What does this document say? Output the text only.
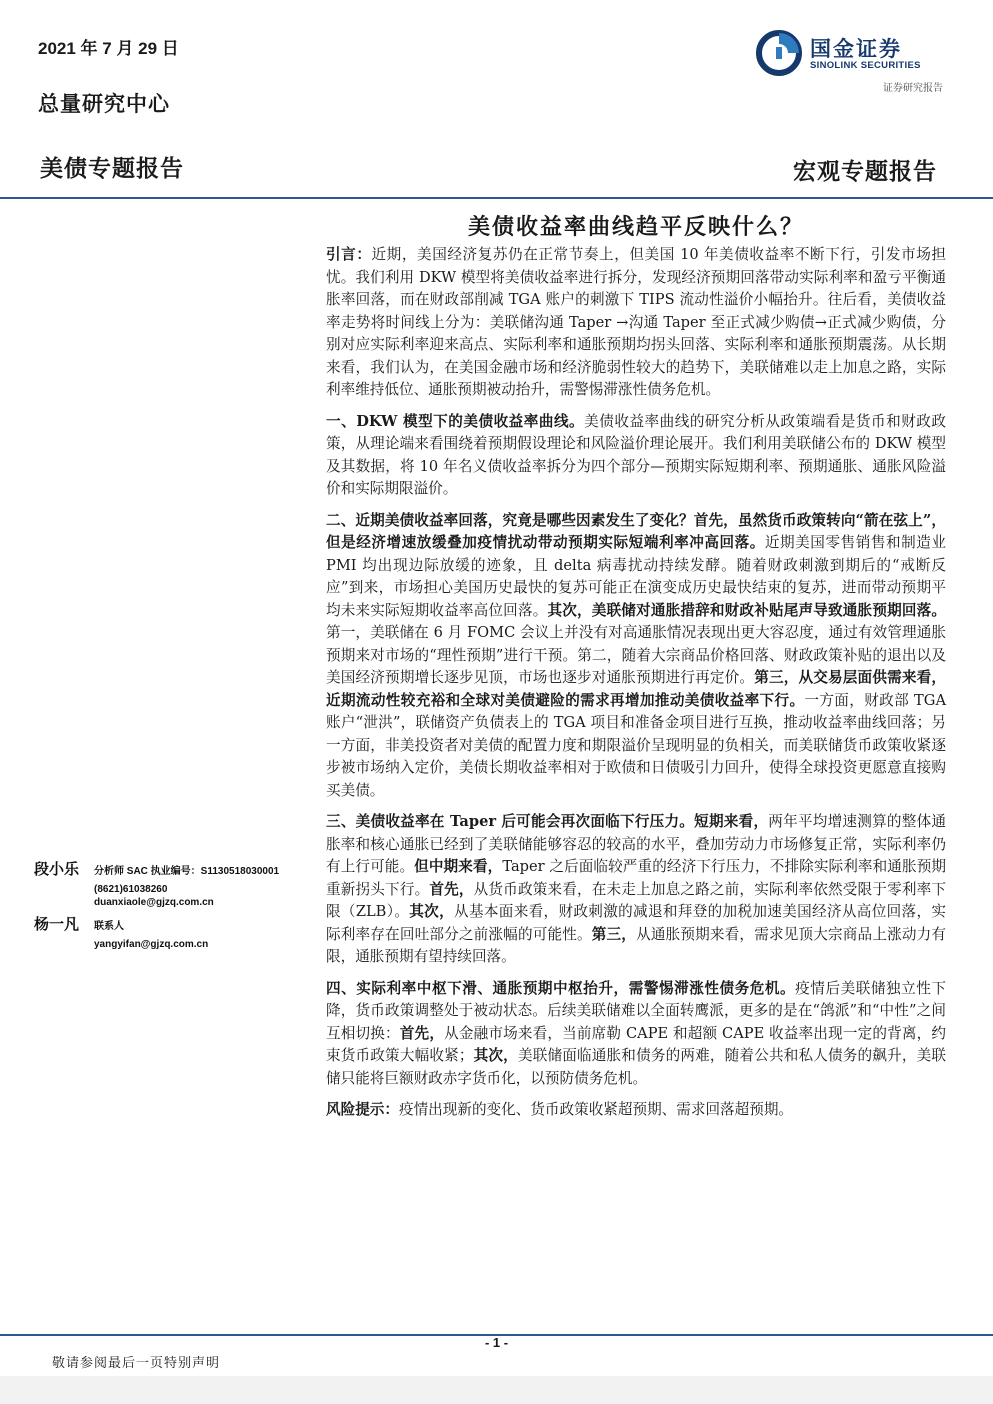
2021 年 7 月 29 日
总量研究中心
美债专题报告	宏观专题报告
国金证券
SINOLINK SECURITIES
证券研究报告
美债收益率曲线趋平反映什么？

引言：近期，美国经济复苏仍在正常节奏上，但美国 10 年美债收益率不断下行，引发市场担忧。我们利用 DKW 模型将美债收益率进行拆分，发现经济预期回落带动实际利率和盈亏平衡通胀率回落，而在财政部削减 TGA 账户的刺激下 TIPS 流动性溢价小幅抬升。往后看，美债收益率走势将时间线上分为：美联储沟通 Taper →沟通 Taper 至正式减少购债→正式减少购债，分别对应实际利率迎来高点、实际利率和通胀预期均拐头回落、实际利率和通胀预期震荡。从长期来看，我们认为，在美国金融市场和经济脆弱性较大的趋势下，美联储难以走上加息之路，实际利率维持低位、通胀预期被动抬升，需警惕滞涨性债务危机。

一、DKW 模型下的美债收益率曲线。美债收益率曲线的研究分析从政策端看是货币和财政政策，从理论端来看围绕着预期假设理论和风险溢价理论展开。我们利用美联储公布的 DKW 模型及其数据，将 10 年名义债收益率拆分为四个部分—预期实际短期利率、预期通胀、通胀风险溢价和实际期限溢价。

二、近期美债收益率回落，究竟是哪些因素发生了变化？首先，虽然货币政策转向“箭在弦上”，但是经济增速放缓叠加疫情扰动带动预期实际短端利率冲高回落。近期美国零售销售和制造业 PMI 均出现边际放缓的迹象，且 delta 病毒扰动持续发酵。随着财政刺激到期后的“戒断反应”到来，市场担心美国历史最快的复苏可能正在演变成历史最快结束的复苏，进而带动预期平均未来实际短期收益率高位回落。其次，美联储对通胀措辞和财政补贴尾声导致通胀预期回落。第一，美联储在 6 月 FOMC 会议上并没有对高通胀情况表现出更大容忍度，通过有效管理通胀预期来对市场的“理性预期”进行干预。第二，随着大宗商品价格回落、财政政策补贴的退出以及美国经济预期增长逐步见顶，市场也逐步对通胀预期进行再定价。第三，从交易层面供需来看，近期流动性较充裕和全球对美债避险的需求再增加推动美债收益率下行。一方面，财政部 TGA 账户“泄洪”，联储资产负债表上的 TGA 项目和准备金项目进行互换，推动收益率曲线回落；另一方面，非美投资者对美债的配置力度和期限溢价呈现明显的负相关，而美联储货币政策收紧逐步被市场纳入定价，美债长期收益率相对于欧债和日债吸引力回升，使得全球投资更愿意直接购买美债。

三、美债收益率在 Taper 后可能会再次面临下行压力。短期来看，两年平均增速测算的整体通胀率和核心通胀已经到了美联储能够容忍的较高的水平，叠加劳动力市场修复正常，实际利率仍有上行可能。但中期来看，Taper 之后面临较严重的经济下行压力，不排除实际利率和通胀预期重新拐头下行。首先，从货币政策来看，在未走上加息之路之前，实际利率依然受限于零利率下限（ZLB）。其次，从基本面来看，财政刺激的减退和拜登的加税加速美国经济从高位回落，实际利率存在回吐部分之前涨幅的可能性。第三，从通胀预期来看，需求见顶大宗商品上涨动力有限，通胀预期有望持续回落。

四、实际利率中枢下滑、通胀预期中枢抬升，需警惕滞涨性债务危机。疫情后美联储独立性下降，货币政策调整处于被动状态。后续美联储难以全面转鹰派，更多的是在“鸽派”和“中性”之间互相切换：首先，从金融市场来看，当前席勒 CAPE 和超额 CAPE 收益率出现一定的背离，约束货币政策大幅收紧；其次，美联储面临通胀和债务的两难，随着公共和私人债务的飙升，美联储只能将巨额财政赤字货币化，以预防债务危机。

风险提示：疫情出现新的变化、货币政策收紧超预期、需求回落超预期。

段小乐 分析师 SAC 执业编号：S1130518030001
(8621)61038260
duanxiaole@gjzq.com.cn
杨一凡 联系人
yangyifan@gjzq.com.cn
- 1 -
敬请参阅最后一页特别声明
